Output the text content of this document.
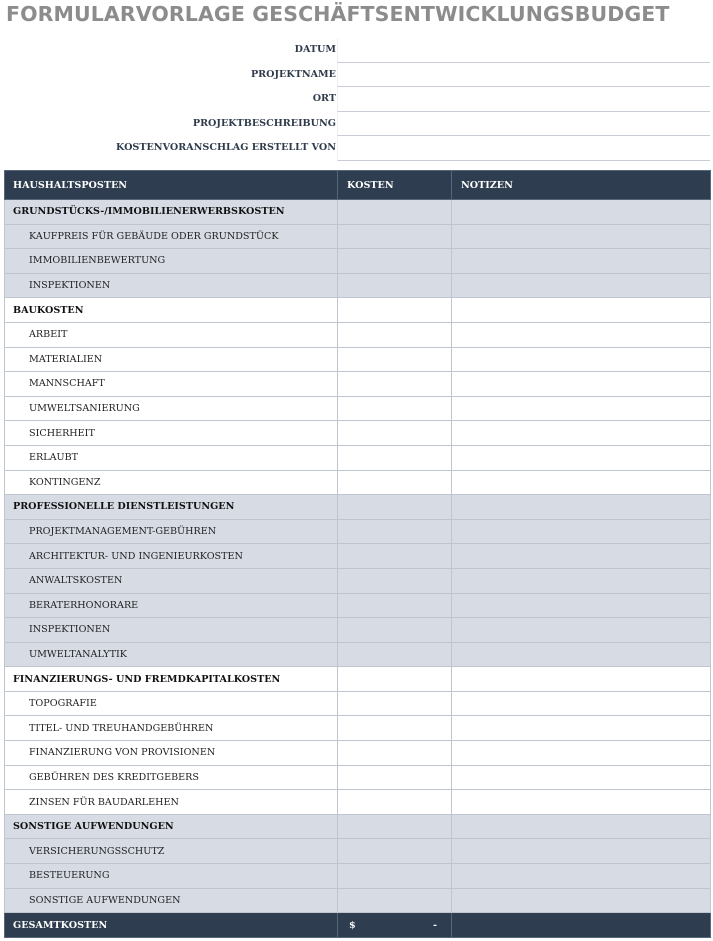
FORMULARVORLAGE GESCHÄFTSENTWICKLUNGSBUDGET
DATUM
PROJEKTNAME
ORT
PROJEKTBESCHREIBUNG
KOSTENVORANSCHLAG ERSTELLT VON
HAUSHALTSPOSTEN	KOSTEN	NOTIZEN
GRUNDSTÜCKS-/IMMOBILIENERWERBSKOSTEN		
KAUFPREIS FÜR GEBÄUDE ODER GRUNDSTÜCK		
IMMOBILIENBEWERTUNG		
INSPEKTIONEN		
BAUKOSTEN		
ARBEIT		
MATERIALIEN		
MANNSCHAFT		
UMWELTSANIERUNG		
SICHERHEIT		
ERLAUBT		
KONTINGENZ		
PROFESSIONELLE DIENSTLEISTUNGEN		
PROJEKTMANAGEMENT-GEBÜHREN		
ARCHITEKTUR- UND INGENIEURKOSTEN		
ANWALTSKOSTEN		
BERATERHONORARE		
INSPEKTIONEN		
UMWELTANALYTIK		
FINANZIERUNGS- UND FREMDKAPITALKOSTEN		
TOPOGRAFIE		
TITEL- UND TREUHANDGEBÜHREN		
FINANZIERUNG VON PROVISIONEN		
GEBÜHREN DES KREDITGEBERS		
ZINSEN FÜR BAUDARLEHEN		
SONSTIGE AUFWENDUNGEN		
VERSICHERUNGSSCHUTZ		
BESTEUERUNG		
SONSTIGE AUFWENDUNGEN		
GESAMTKOSTEN	$ -	
